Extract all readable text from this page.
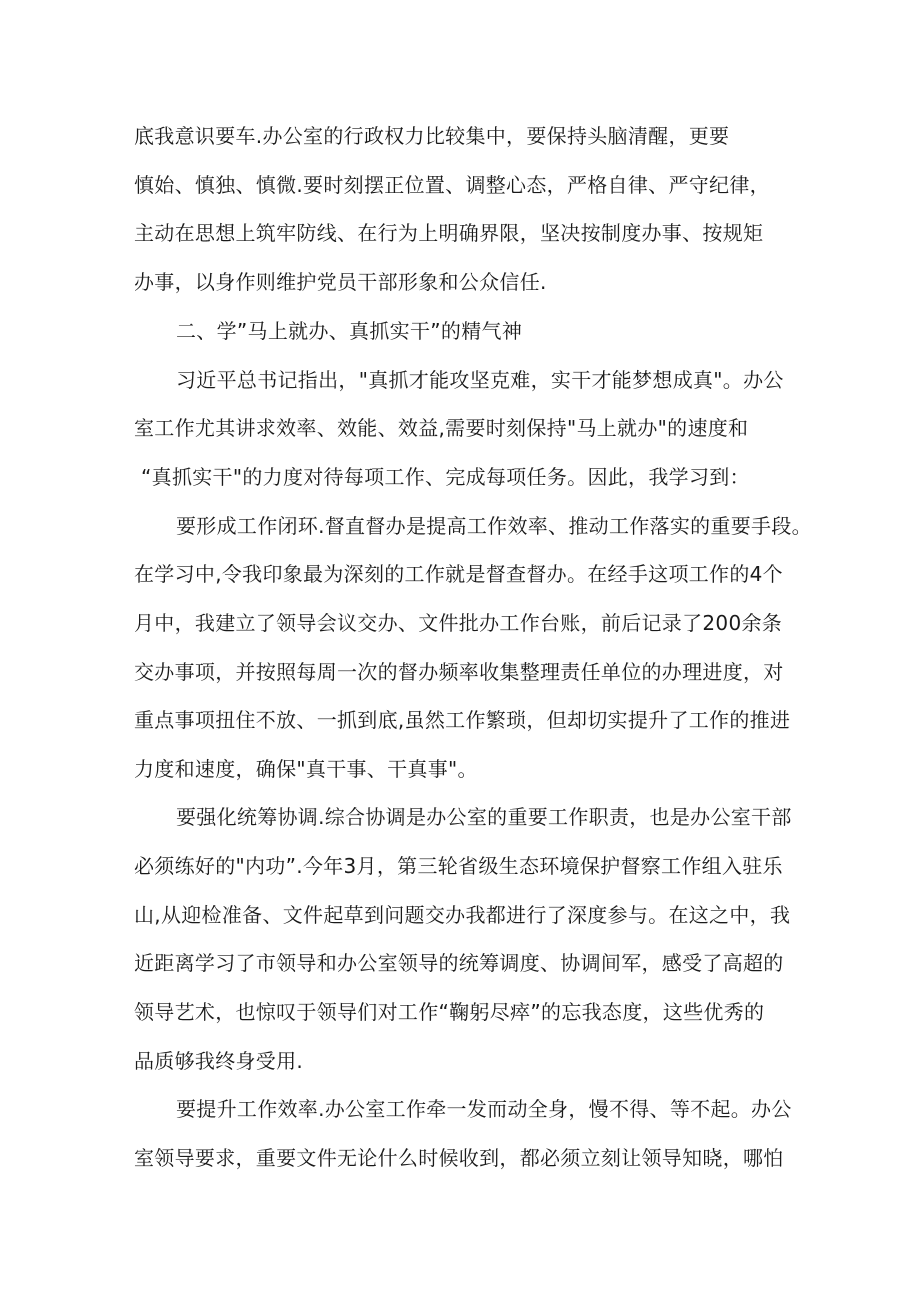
底我意识要车.办公室的行政权力比较集中，要保持头脑清醒，更要

慎始、慎独、慎微.要时刻摆正位置、调整心态，严格自律、严守纪律，

主动在思想上筑牢防线、在行为上明确界限，坚决按制度办事、按规矩

办事，以身作则维护党员干部形象和公众信任.

二、学”马上就办、真抓实干”的精气神

习近平总书记指出，"真抓才能攻坚克难，实干才能梦想成真"。办公

室工作尤其讲求效率、效能、效益,需要时刻保持"马上就办"的速度和

“真抓实干"的力度对待每项工作、完成每项任务。因此，我学习到：

要形成工作闭环.督直督办是提高工作效率、推动工作落实的重要手段。

在学习中,令我印象最为深刻的工作就是督查督办。在经手这项工作的4个

月中，我建立了领导会议交办、文件批办工作台账，前后记录了200余条

交办事项，并按照每周一次的督办频率收集整理责任单位的办理进度，对

重点事项扭住不放、一抓到底,虽然工作繁琐，但却切实提升了工作的推进

力度和速度，确保"真干事、干真事"。

要强化统筹协调.综合协调是办公室的重要工作职责，也是办公室干部

必须练好的"内功”.今年3月，第三轮省级生态环境保护督察工作组入驻乐

山,从迎检准备、文件起草到问题交办我都进行了深度参与。在这之中，我

近距离学习了市领导和办公室领导的统筹调度、协调间军，感受了高超的

领导艺术，也惊叹于领导们对工作“鞠躬尽瘁”的忘我态度，这些优秀的

品质够我终身受用.

要提升工作效率.办公室工作牵一发而动全身，慢不得、等不起。办公

室领导要求，重要文件无论什么时候收到，都必须立刻让领导知晓，哪怕
